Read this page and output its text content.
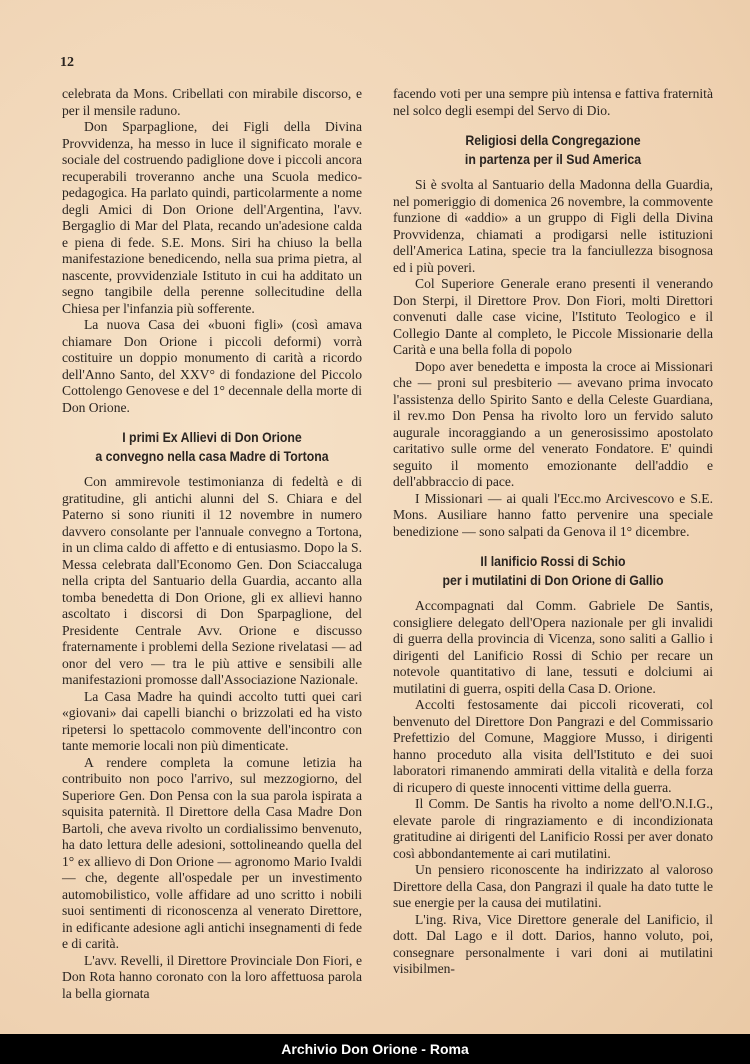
12

celebrata da Mons. Cribellati con mirabile discorso, e per il mensile raduno.

Don Sparpaglione, dei Figli della Divina Provvidenza, ha messo in luce il significato morale e sociale del costruendo padiglione dove i piccoli ancora recuperabili troveranno anche una Scuola medico-pedagogica. Ha parlato quindi, particolarmente a nome degli Amici di Don Orione dell'Argentina, l'avv. Bergaglio di Mar del Plata, recando un'adesione calda e piena di fede. S.E. Mons. Siri ha chiuso la bella manifestazione benedicendo, nella sua prima pietra, al nascente, provvidenziale Istituto in cui ha additato un segno tangibile della perenne sollecitudine della Chiesa per l'infanzia più sofferente.

La nuova Casa dei «buoni figli» (così amava chiamare Don Orione i piccoli deformi) vorrà costituire un doppio monumento di carità a ricordo dell'Anno Santo, del XXV° di fondazione del Piccolo Cottolengo Genovese e del 1° decennale della morte di Don Orione.

I primi Ex Allievi di Don Orione
a convegno nella casa Madre di Tortona

Con ammirevole testimonianza di fedeltà e di gratitudine, gli antichi alunni del S. Chiara e del Paterno si sono riuniti il 12 novembre in numero davvero consolante per l'annuale convegno a Tortona, in un clima caldo di affetto e di entusiasmo. Dopo la S. Messa celebrata dall'Economo Gen. Don Sciaccaluga nella cripta del Santuario della Guardia, accanto alla tomba benedetta di Don Orione, gli ex allievi hanno ascoltato i discorsi di Don Sparpaglione, del Presidente Centrale Avv. Orione e discusso fraternamente i problemi della Sezione rivelatasi — ad onor del vero — tra le più attive e sensibili alle manifestazioni promosse dall'Associazione Nazionale.

La Casa Madre ha quindi accolto tutti quei cari «giovani» dai capelli bianchi o brizzolati ed ha visto ripetersi lo spettacolo commovente dell'incontro con tante memorie locali non più dimenticate.

A rendere completa la comune letizia ha contribuito non poco l'arrivo, sul mezzogiorno, del Superiore Gen. Don Pensa con la sua parola ispirata a squisita paternità. Il Direttore della Casa Madre Don Bartoli, che aveva rivolto un cordialissimo benvenuto, ha dato lettura delle adesioni, sottolineando quella del 1° ex allievo di Don Orione — agronomo Mario Ivaldi — che, degente all'ospedale per un investimento automobilistico, volle affidare ad uno scritto i nobili suoi sentimenti di riconoscenza al venerato Direttore, in edificante adesione agli antichi insegnamenti di fede e di carità.

L'avv. Revelli, il Direttore Provinciale Don Fiori, e Don Rota hanno coronato con la loro affettuosa parola la bella giornata

facendo voti per una sempre più intensa e fattiva fraternità nel solco degli esempi del Servo di Dio.

Religiosi della Congregazione
in partenza per il Sud America

Si è svolta al Santuario della Madonna della Guardia, nel pomeriggio di domenica 26 novembre, la commovente funzione di «addio» a un gruppo di Figli della Divina Provvidenza, chiamati a prodigarsi nelle istituzioni dell'America Latina, specie tra la fanciullezza bisognosa ed i più poveri.

Col Superiore Generale erano presenti il venerando Don Sterpi, il Direttore Prov. Don Fiori, molti Direttori convenuti dalle case vicine, l'Istituto Teologico e il Collegio Dante al completo, le Piccole Missionarie della Carità e una bella folla di popolo

Dopo aver benedetta e imposta la croce ai Missionari che — proni sul presbiterio — avevano prima invocato l'assistenza dello Spirito Santo e della Celeste Guardiana, il rev.mo Don Pensa ha rivolto loro un fervido saluto augurale incoraggiando a un generosissimo apostolato caritativo sulle orme del venerato Fondatore. E' quindi seguito il momento emozionante dell'addio e dell'abbraccio di pace.

I Missionari — ai quali l'Ecc.mo Arcivescovo e S.E. Mons. Ausiliare hanno fatto pervenire una speciale benedizione — sono salpati da Genova il 1° dicembre.

Il lanificio Rossi di Schio
per i mutilatini di Don Orione di Gallio

Accompagnati dal Comm. Gabriele De Santis, consigliere delegato dell'Opera nazionale per gli invalidi di guerra della provincia di Vicenza, sono saliti a Gallio i dirigenti del Lanificio Rossi di Schio per recare un notevole quantitativo di lane, tessuti e dolciumi ai mutilatini di guerra, ospiti della Casa D. Orione.

Accolti festosamente dai piccoli ricoverati, col benvenuto del Direttore Don Pangrazi e del Commissario Prefettizio del Comune, Maggiore Musso, i dirigenti hanno proceduto alla visita dell'Istituto e dei suoi laboratori rimanendo ammirati della vitalità e della forza di ricupero di queste innocenti vittime della guerra.

Il Comm. De Santis ha rivolto a nome dell'O.N.I.G., elevate parole di ringraziamento e di incondizionata gratitudine ai dirigenti del Lanificio Rossi per aver donato così abbondantemente ai cari mutilatini.

Un pensiero riconoscente ha indirizzato al valoroso Direttore della Casa, don Pangrazi il quale ha dato tutte le sue energie per la causa dei mutilatini.

L'ing. Riva, Vice Direttore generale del Lanificio, il dott. Dal Lago e il dott. Darios, hanno voluto, poi, consegnare personalmente i vari doni ai mutilatini visibilmen-

Archivio Don Orione - Roma
